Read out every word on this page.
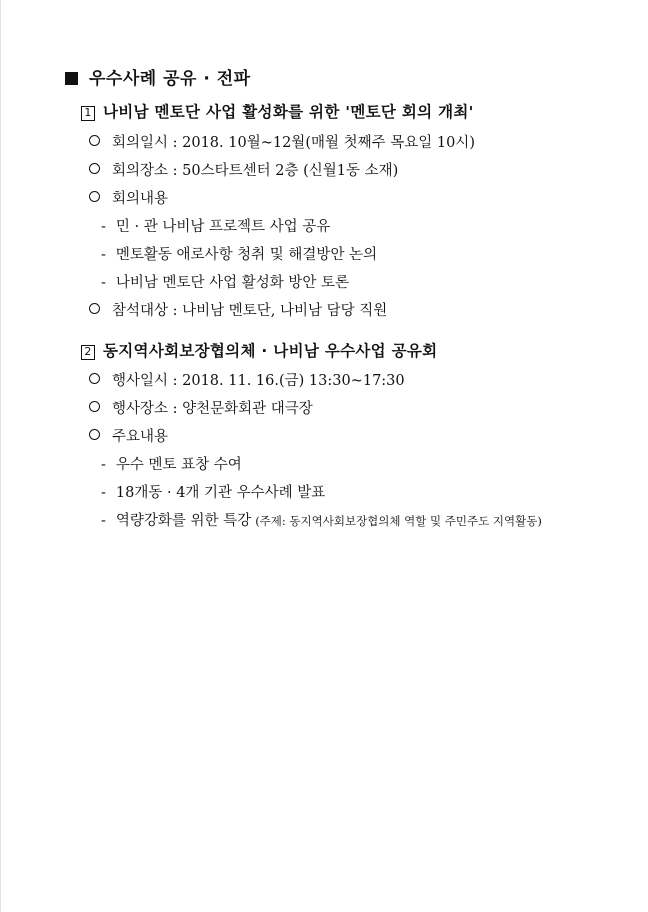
우수사례 공유 · 전파
1 나비남 멘토단 사업 활성화를 위한 '멘토단 회의 개최'
회의일시 : 2018. 10월~12월(매월 첫째주 목요일 10시)
회의장소 : 50스타트센터 2층 (신월1동 소재)
회의내용
- 민 · 관 나비남 프로젝트 사업 공유
- 멘토활동 애로사항 청취 및 해결방안 논의
- 나비남 멘토단 사업 활성화 방안 토론
참석대상 : 나비남 멘토단, 나비남 담당 직원
2 동지역사회보장협의체 · 나비남 우수사업 공유회
행사일시 : 2018. 11. 16.(금) 13:30~17:30
행사장소 : 양천문화회관 대극장
주요내용
- 우수 멘토 표창 수여
- 18개동 · 4개 기관 우수사례 발표
- 역량강화를 위한 특강 (주제: 동지역사회보장협의체 역할 및 주민주도 지역활동)
